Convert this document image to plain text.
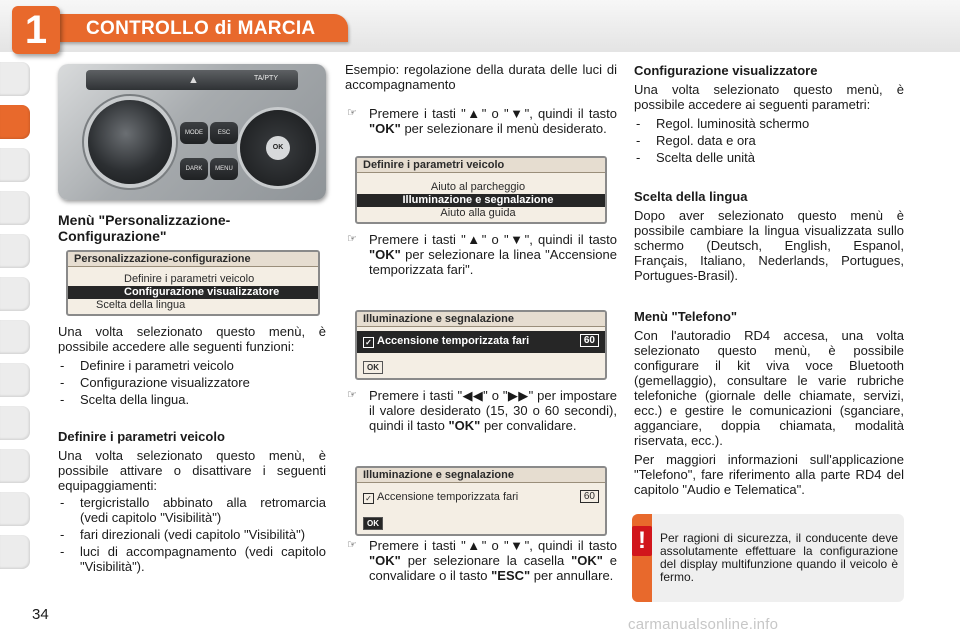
CONTROLLO di MARCIA
1
▲	TA/PTY
MODE
DARK
ESC
MENU
OK

Menù "Personalizzazione-Configurazione"

Personalizzazione-configurazione
Definire i parametri veicolo
Configurazione visualizzatore
Scelta della lingua

Una volta selezionato questo menù, è possibile accedere alle seguenti funzioni:

- Definire i parametri veicolo
- Configurazione visualizzatore
- Scelta della lingua.

Definire i parametri veicolo

Una volta selezionato questo menù, è possibile attivare o disattivare i seguenti equipaggiamenti:

- tergicristallo abbinato alla retromarcia (vedi capitolo "Visibilità")
- fari direzionali (vedi capitolo "Visibilità")
- luci di accompagnamento (vedi capitolo "Visibilità").

Esempio: regolazione della durata delle luci di accompagnamento

☞ Premere i tasti "▲" o "▼", quindi il tasto "OK" per selezionare il menù desiderato.

Definire i parametri veicolo
Aiuto al parcheggio
Illuminazione e segnalazione
Aiuto alla guida

☞ Premere i tasti "▲" o "▼", quindi il tasto "OK" per selezionare la linea "Accensione temporizzata fari".

Illuminazione e segnalazione
✓ Accensione temporizzata fari	60
OK

☞ Premere i tasti "◀◀" o "▶▶" per impostare il valore desiderato (15, 30 o 60 secondi), quindi il tasto "OK" per convalidare.

Illuminazione e segnalazione
✓ Accensione temporizzata fari	60
OK

☞ Premere i tasti "▲" o "▼", quindi il tasto "OK" per selezionare la casella "OK" e convalidare o il tasto "ESC" per annullare.

Configurazione visualizzatore

Una volta selezionato questo menù, è possibile accedere ai seguenti parametri:

- Regol. luminosità schermo
- Regol. data e ora
- Scelta delle unità

Scelta della lingua

Dopo aver selezionato questo menù è possibile cambiare la lingua visualizzata sullo schermo (Deutsch, English, Espanol, Français, Italiano, Nederlands, Portugues, Portugues-Brasil).

Menù "Telefono"

Con l'autoradio RD4 accesa, una volta selezionato questo menù, è possibile configurare il kit viva voce Bluetooth (gemellaggio), consultare le varie rubriche telefoniche (giornale delle chiamate, servizi, ecc.) e gestire le comunicazioni (sganciare, agganciare, doppia chiamata, modalità riservata, ecc.).

Per maggiori informazioni sull'applicazione "Telefono", fare riferimento alla parte RD4 del capitolo "Audio e Telematica".

!	Per ragioni di sicurezza, il conducente deve assolutamente effettuare la configurazione del display multifunzione quando il veicolo è fermo.

34
carmanualsonline.info
